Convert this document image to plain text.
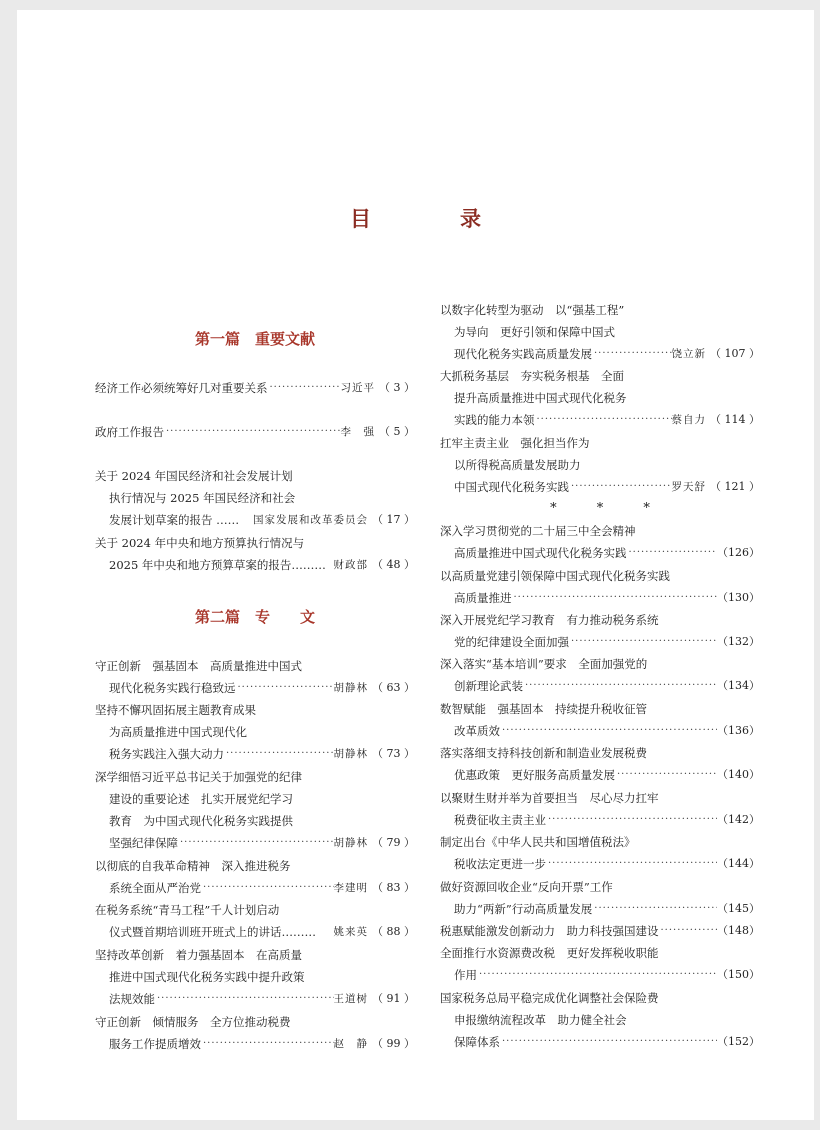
目　录
第一篇　重要文献
经济工作必须统筹好几对重要关系 ·····	习近平 （ 3 ）
政府工作报告 ·····	李　强 （ 5 ）
关于 2024 年国民经济和社会发展计划
执行情况与 2025 年国民经济和社会
发展计划草案的报告 …… 国家发展和改革委员会 （ 17 ）
关于 2024 年中央和地方预算执行情况与
2025 年中央和地方预算草案的报告……… 财政部 （ 48 ）
第二篇　专　　文
守正创新　强基固本　高质量推进中国式
现代化税务实践行稳致远 ·····	胡静林 （ 63 ）
坚持不懈巩固拓展主题教育成果
为高质量推进中国式现代化
税务实践注入强大动力 ·····	胡静林 （ 73 ）
深学细悟习近平总书记关于加强党的纪律
建设的重要论述　扎实开展党纪学习
教育　为中国式现代化税务实践提供
坚强纪律保障 ·····	胡静林 （ 79 ）
以彻底的自我革命精神　深入推进税务
系统全面从严治党 ·····	李建明 （ 83 ）
在税务系统“青马工程”千人计划启动
仪式暨首期培训班开班式上的讲话……… 姚来英 （ 88 ）
坚持改革创新　着力强基固本　在高质量
推进中国式现代化税务实践中提升政策
法规效能 ·····	王道树 （ 91 ）
守正创新　倾情服务　全方位推动税费
服务工作提质增效 ·····	赵　静 （ 99 ）
以数字化转型为驱动　以“强基工程”
为导向　更好引领和保障中国式
现代化税务实践高质量发展 ·····	饶立新 （ 107 ）
大抓税务基层　夯实税务根基　全面
提升高质量推进中国式现代化税务
实践的能力本领 ·····	蔡自力 （ 114 ）
扛牢主责主业　强化担当作为
以所得税高质量发展助力
中国式现代化税务实践 ·····	罗天舒 （ 121 ）
* * *
深入学习贯彻党的二十届三中全会精神
高质量推进中国式现代化税务实践 ·····	（126）
以高质量党建引领保障中国式现代化税务实践
高质量推进 ·····	（130）
深入开展党纪学习教育　有力推动税务系统
党的纪律建设全面加强 ·····	（132）
深入落实“基本培训”要求　全面加强党的
创新理论武装 ·····	（134）
数智赋能　强基固本　持续提升税收征管
改革质效 ·····	（136）
落实落细支持科技创新和制造业发展税费
优惠政策　更好服务高质量发展 ·····	（140）
以聚财生财并举为首要担当　尽心尽力扛牢
税费征收主责主业 ·····	（142）
制定出台《中华人民共和国增值税法》
税收法定更进一步 ·····	（144）
做好资源回收企业“反向开票”工作
助力“两新”行动高质量发展 ·····	（145）
税惠赋能激发创新动力　助力科技强国建设 ·····	（148）
全面推行水资源费改税　更好发挥税收职能
作用 ·····	（150）
国家税务总局平稳完成优化调整社会保险费
申报缴纳流程改革　助力健全社会
保障体系 ·····	（152）
